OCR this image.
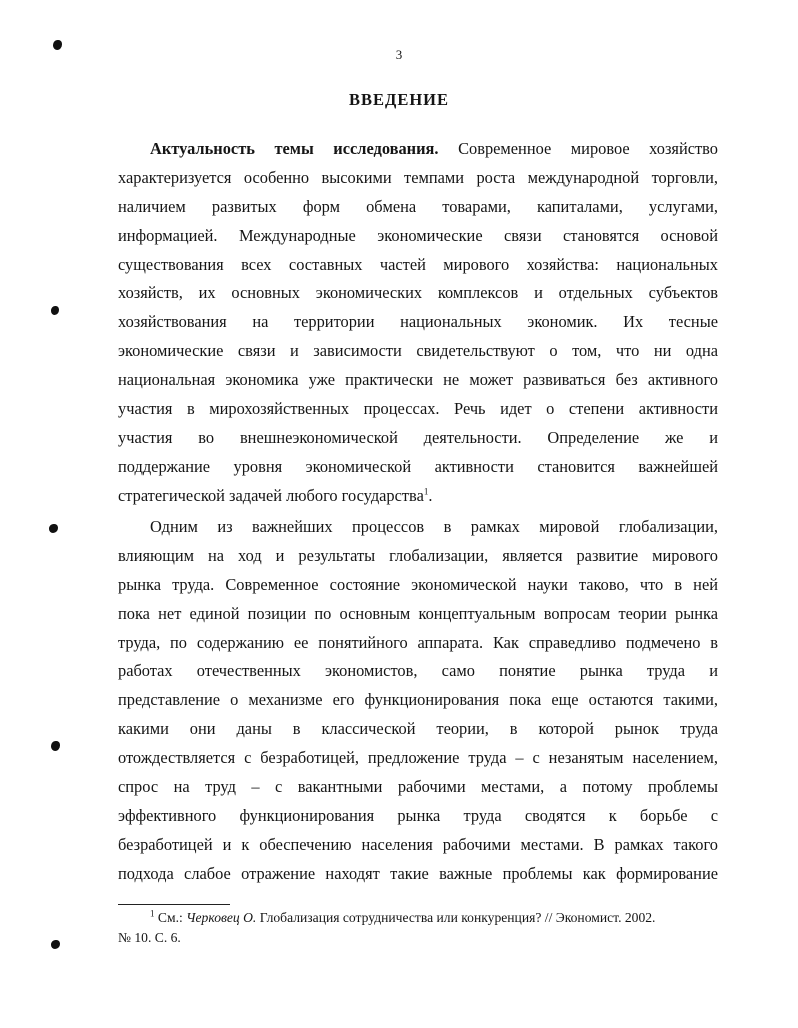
3
ВВЕДЕНИЕ
Актуальность темы исследования. Современное мировое хозяйство
характеризуется особенно высокими темпами роста международной торговли,
наличием развитых форм обмена товарами, капиталами, услугами,
информацией. Международные экономические связи становятся основой
существования всех составных частей мирового хозяйства: национальных
хозяйств, их основных экономических комплексов и отдельных субъектов
хозяйствования на территории национальных экономик. Их тесные
экономические связи и зависимости свидетельствуют о том, что ни одна
национальная экономика уже практически не может развиваться без активного
участия в мирохозяйственных процессах. Речь идет о степени активности
участия во внешнеэкономической деятельности. Определение же и
поддержание уровня экономической активности становится важнейшей
стратегической задачей любого государства$^1$.
Одним из важнейших процессов в рамках мировой глобализации,
влияющим на ход и результаты глобализации, является развитие мирового
рынка труда. Современное состояние экономической науки таково, что в ней
пока нет единой позиции по основным концептуальным вопросам теории рынка
труда, по содержанию ее понятийного аппарата. Как справедливо подмечено в
работах отечественных экономистов, само понятие рынка труда и
представление о механизме его функционирования пока еще остаются такими,
какими они даны в классической теории, в которой рынок труда
отождествляется с безработицей, предложение труда – с незанятым населением,
спрос на труд – с вакантными рабочими местами, а потому проблемы
эффективного функционирования рынка труда сводятся к борьбе с
безработицей и к обеспечению населения рабочими местами. В рамках такого
подхода слабое отражение находят такие важные проблемы как формирование
$^1$ См.: Черковец О. Глобализация сотрудничества или конкуренция? // Экономист. 2002.
№ 10. С. 6.
